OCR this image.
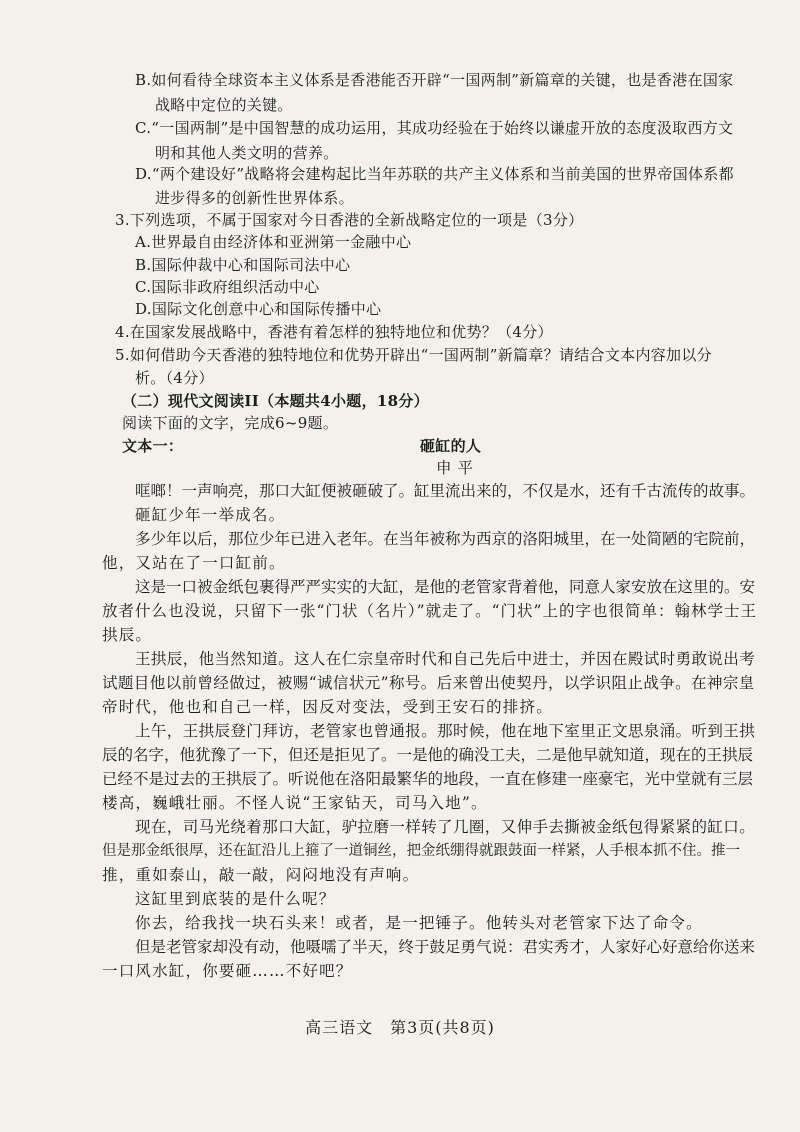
B.如何看待全球资本主义体系是香港能否开辟“一国两制”新篇章的关键，也是香港在国家
战略中定位的关键。
C.“一国两制”是中国智慧的成功运用，其成功经验在于始终以谦虚开放的态度汲取西方文
明和其他人类文明的营养。
D.“两个建设好”战略将会建构起比当年苏联的共产主义体系和当前美国的世界帝国体系都
进步得多的创新性世界体系。
3.下列选项，不属于国家对今日香港的全新战略定位的一项是（3分）
A.世界最自由经济体和亚洲第一金融中心
B.国际仲裁中心和国际司法中心
C.国际非政府组织活动中心
D.国际文化创意中心和国际传播中心
4.在国家发展战略中，香港有着怎样的独特地位和优势？（4分）
5.如何借助今天香港的独特地位和优势开辟出“一国两制”新篇章？请结合文本内容加以分
析。（4分）
（二）现代文阅读II（本题共4小题，18分）
阅读下面的文字，完成6~9题。
文本一：	砸缸的人
申平
哐啷！一声响亮，那口大缸便被砸破了。缸里流出来的，不仅是水，还有千古流传的故事。
砸缸少年一举成名。
多少年以后，那位少年已进入老年。在当年被称为西京的洛阳城里，在一处简陋的宅院前，
他，又站在了一口缸前。
这是一口被金纸包裹得严严实实的大缸，是他的老管家背着他，同意人家安放在这里的。安
放者什么也没说，只留下一张“门状（名片）”就走了。“门状”上的字也很简单：翰林学士王
拱辰。
王拱辰，他当然知道。这人在仁宗皇帝时代和自己先后中进士，并因在殿试时勇敢说出考
试题目他以前曾经做过，被赐“诚信状元”称号。后来曾出使契丹，以学识阻止战争。在神宗皇
帝时代，他也和自己一样，因反对变法，受到王安石的排挤。
上午，王拱辰登门拜访，老管家也曾通报。那时候，他在地下室里正文思泉涌。听到王拱
辰的名字，他犹豫了一下，但还是拒见了。一是他的确没工夫，二是他早就知道，现在的王拱辰
已经不是过去的王拱辰了。听说他在洛阳最繁华的地段，一直在修建一座豪宅，光中堂就有三层
楼高，巍峨壮丽。不怪人说“王家钻天，司马入地”。
现在，司马光绕着那口大缸，驴拉磨一样转了几圈，又伸手去撕被金纸包得紧紧的缸口。
但是那金纸很厚，还在缸沿儿上箍了一道铜丝，把金纸绷得就跟鼓面一样紧，人手根本抓不住。推一
推，重如泰山，敲一敲，闷闷地没有声响。
这缸里到底装的是什么呢？
你去，给我找一块石头来！或者，是一把锤子。他转头对老管家下达了命令。
但是老管家却没有动，他嗫嚅了半天，终于鼓足勇气说：君实秀才，人家好心好意给你送来
一口风水缸，你要砸……不好吧？
高三语文　第3页(共8页)
